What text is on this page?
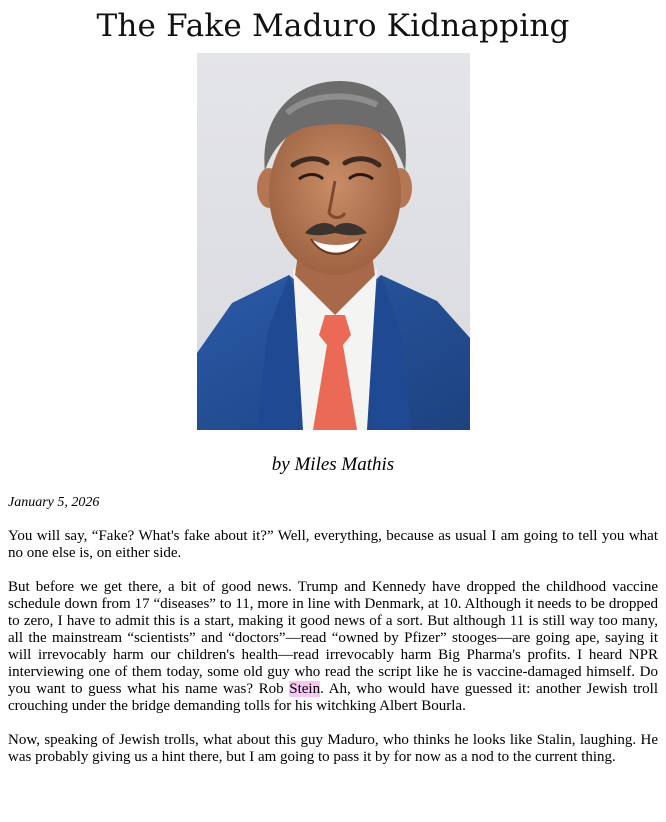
The Fake Maduro Kidnapping
by Miles Mathis
January 5, 2026

You will say, “Fake? What's fake about it?” Well, everything, because as usual I am going to tell you what no one else is, on either side.

But before we get there, a bit of good news. Trump and Kennedy have dropped the childhood vaccine schedule down from 17 “diseases” to 11, more in line with Denmark, at 10. Although it needs to be dropped to zero, I have to admit this is a start, making it good news of a sort. But although 11 is still way too many, all the mainstream “scientists” and “doctors”—read “owned by Pfizer” stooges—are going ape, saying it will irrevocably harm our children's health—read irrevocably harm Big Pharma's profits. I heard NPR interviewing one of them today, some old guy who read the script like he is vaccine-damaged himself. Do you want to guess what his name was? Rob Stein. Ah, who would have guessed it: another Jewish troll crouching under the bridge demanding tolls for his witchking Albert Bourla.

Now, speaking of Jewish trolls, what about this guy Maduro, who thinks he looks like Stalin, laughing. He was probably giving us a hint there, but I am going to pass it by for now as a nod to the current thing.
